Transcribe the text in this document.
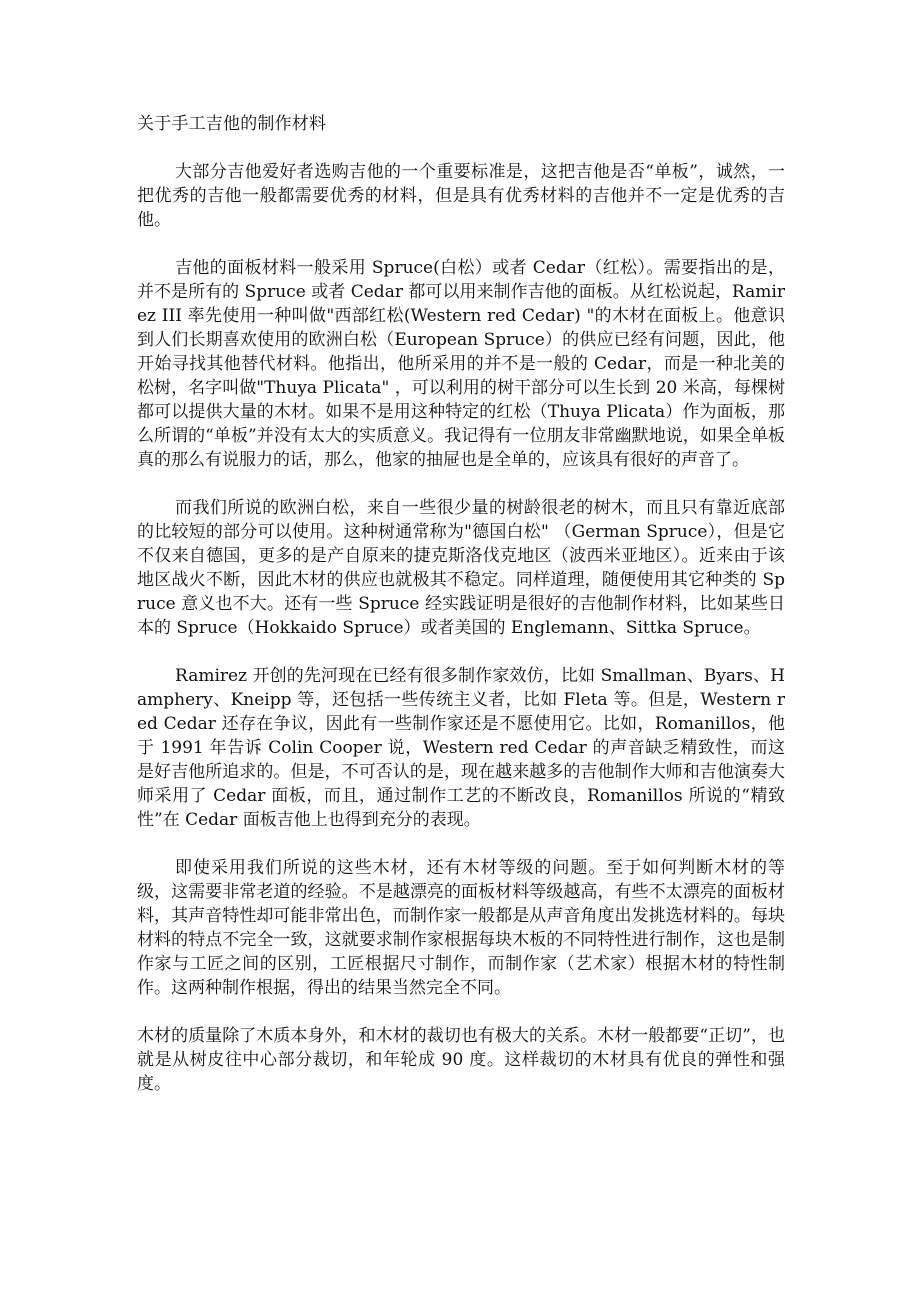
关于手工吉他的制作材料

大部分吉他爱好者选购吉他的一个重要标准是，这把吉他是否“单板”，诚然，一把优秀的吉他一般都需要优秀的材料，但是具有优秀材料的吉他并不一定是优秀的吉他。

吉他的面板材料一般采用 Spruce(白松）或者 Cedar（红松）。需要指出的是，并不是所有的 Spruce 或者 Cedar 都可以用来制作吉他的面板。从红松说起，Ramirez III 率先使用一种叫做"西部红松(Western red Cedar) "的木材在面板上。他意识到人们长期喜欢使用的欧洲白松（European Spruce）的供应已经有问题，因此，他开始寻找其他替代材料。他指出，他所采用的并不是一般的 Cedar，而是一种北美的松树，名字叫做"Thuya Plicata" ，可以利用的树干部分可以生长到 20 米高，每棵树都可以提供大量的木材。如果不是用这种特定的红松（Thuya Plicata）作为面板，那么所谓的“单板”并没有太大的实质意义。我记得有一位朋友非常幽默地说，如果全单板真的那么有说服力的话，那么，他家的抽屉也是全单的，应该具有很好的声音了。

而我们所说的欧洲白松，来自一些很少量的树龄很老的树木，而且只有靠近底部的比较短的部分可以使用。这种树通常称为"德国白松" （German Spruce），但是它不仅来自德国，更多的是产自原来的捷克斯洛伐克地区（波西米亚地区）。近来由于该地区战火不断，因此木材的供应也就极其不稳定。同样道理，随便使用其它种类的 Spruce 意义也不大。还有一些 Spruce 经实践证明是很好的吉他制作材料，比如某些日本的 Spruce（Hokkaido Spruce）或者美国的 Englemann、Sittka Spruce。

Ramirez 开创的先河现在已经有很多制作家效仿，比如 Smallman、Byars、Hamphery、Kneipp 等，还包括一些传统主义者，比如 Fleta 等。但是，Western red Cedar 还存在争议，因此有一些制作家还是不愿使用它。比如，Romanillos，他于 1991 年告诉 Colin Cooper 说，Western red Cedar 的声音缺乏精致性，而这是好吉他所追求的。但是，不可否认的是，现在越来越多的吉他制作大师和吉他演奏大师采用了 Cedar 面板，而且，通过制作工艺的不断改良，Romanillos 所说的“精致性”在 Cedar 面板吉他上也得到充分的表现。

即使采用我们所说的这些木材，还有木材等级的问题。至于如何判断木材的等级，这需要非常老道的经验。不是越漂亮的面板材料等级越高，有些不太漂亮的面板材料，其声音特性却可能非常出色，而制作家一般都是从声音角度出发挑选材料的。每块材料的特点不完全一致，这就要求制作家根据每块木板的不同特性进行制作，这也是制作家与工匠之间的区别，工匠根据尺寸制作，而制作家（艺术家）根据木材的特性制作。这两种制作根据，得出的结果当然完全不同。

木材的质量除了木质本身外，和木材的裁切也有极大的关系。木材一般都要“正切”，也就是从树皮往中心部分裁切，和年轮成 90 度。这样裁切的木材具有优良的弹性和强度。
